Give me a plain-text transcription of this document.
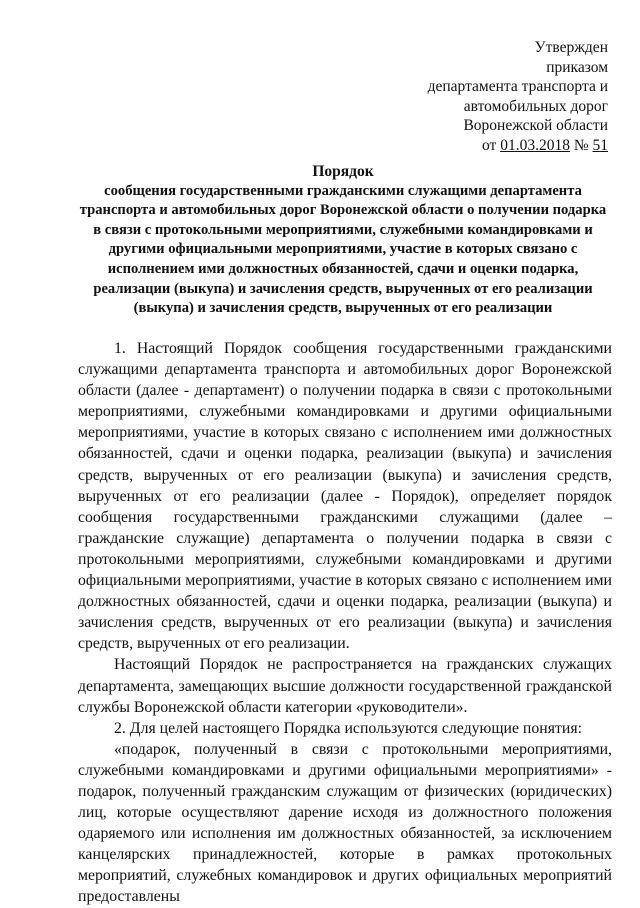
Утвержден
приказом
департамента транспорта и
автомобильных дорог
Воронежской области
от 01.03.2018 № 51
Порядок
сообщения государственными гражданскими служащими департамента транспорта и автомобильных дорог Воронежской области о получении подарка в связи с протокольными мероприятиями, служебными командировками и другими официальными мероприятиями, участие в которых связано с исполнением ими должностных обязанностей, сдачи и оценки подарка, реализации (выкупа) и зачисления средств, вырученных от его реализации (выкупа) и зачисления средств, вырученных от его реализации

1. Настоящий Порядок сообщения государственными гражданскими служащими департамента транспорта и автомобильных дорог Воронежской области (далее - департамент) о получении подарка в связи с протокольными мероприятиями, служебными командировками и другими официальными мероприятиями, участие в которых связано с исполнением ими должностных обязанностей, сдачи и оценки подарка, реализации (выкупа) и зачисления средств, вырученных от его реализации (выкупа) и зачисления средств, вырученных от его реализации (далее - Порядок), определяет порядок сообщения государственными гражданскими служащими (далее – гражданские служащие) департамента о получении подарка в связи с протокольными мероприятиями, служебными командировками и другими официальными мероприятиями, участие в которых связано с исполнением ими должностных обязанностей, сдачи и оценки подарка, реализации (выкупа) и зачисления средств, вырученных от его реализации (выкупа) и зачисления средств, вырученных от его реализации.

Настоящий Порядок не распространяется на гражданских служащих департамента, замещающих высшие должности государственной гражданской службы Воронежской области категории «руководители».

2. Для целей настоящего Порядка используются следующие понятия:

«подарок, полученный в связи с протокольными мероприятиями, служебными командировками и другими официальными мероприятиями» - подарок, полученный гражданским служащим от физических (юридических) лиц, которые осуществляют дарение исходя из должностного положения одаряемого или исполнения им должностных обязанностей, за исключением канцелярских принадлежностей, которые в рамках протокольных мероприятий, служебных командировок и других официальных мероприятий предоставлены
